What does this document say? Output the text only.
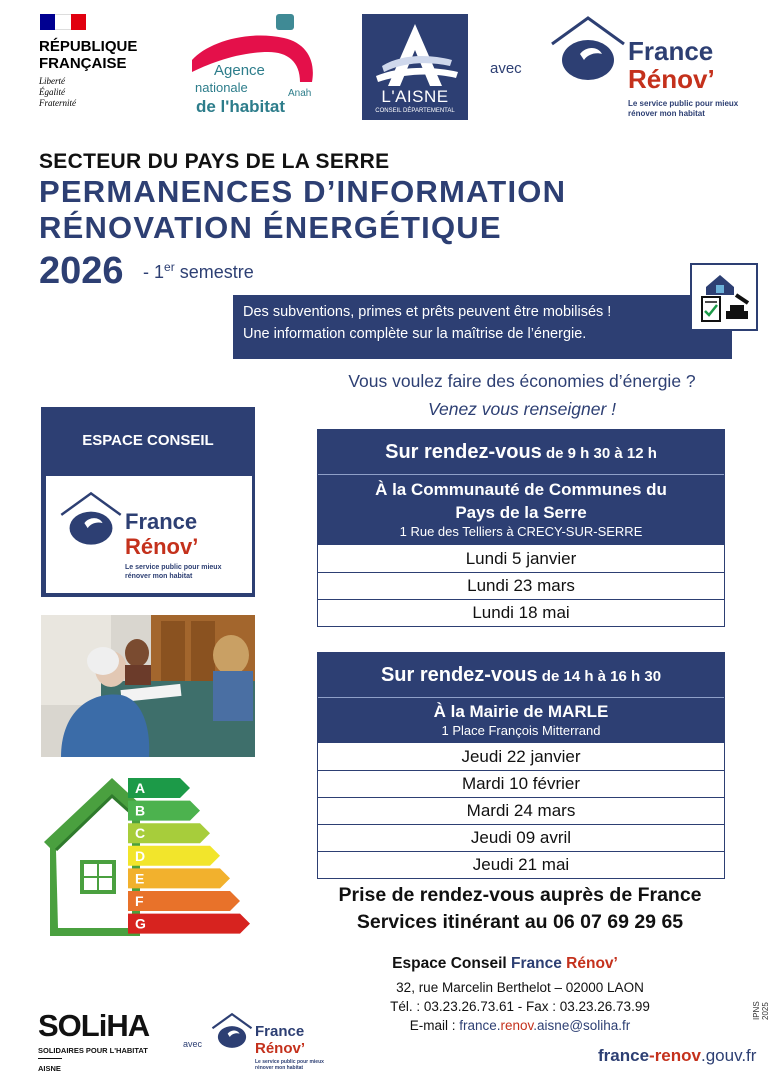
RÉPUBLIQUE
FRANÇAISE
Liberté
Égalité
Fraternité
Agence
nationale
de l'habitat
Anah	L'AISNE
CONSEIL DÉPARTEMENTAL
avec
France
Rénov’
Le service public pour mieux
rénover mon habitat
SECTEUR DU PAYS DE LA SERRE
PERMANENCES D’INFORMATION
RÉNOVATION ÉNERGÉTIQUE
2026 - 1er semestre
Des subventions, primes et prêts peuvent être mobilisés !
Une information complète sur la maîtrise de l’énergie.
Vous voulez faire des économies d’énergie ?
Venez vous renseigner !
ESPACE CONSEIL
France
Rénov’
Le service public pour mieux
rénover mon habitat
A
B
C
D
E
F
G
Sur rendez-vous de 9 h 30 à 12 h
À la Communauté de Communes du
Pays de la Serre
1 Rue des Telliers à CRECY-SUR-SERRE
Lundi 5 janvier
Lundi 23 mars
Lundi 18 mai
Sur rendez-vous de 14 h à 16 h 30
À la Mairie de MARLE
1 Place François Mitterrand
Jeudi 22 janvier
Mardi 10 février
Mardi 24 mars
Jeudi 09 avril
Jeudi 21 mai
Prise de rendez-vous auprès de France
Services itinérant au 06 07 69 29 65
Espace Conseil France Rénov’
32, rue Marcelin Berthelot – 02000 LAON
Tél. : 03.23.26.73.61 - Fax : 03.23.26.73.99
E-mail : france.renov.aisne@soliha.fr
IPNS 2025
france-renov.gouv.fr
SOLiHA
SOLIDAIRES POUR L'HABITAT
AISNE
avec
France
Rénov’
Le service public pour mieux
rénover mon habitat
